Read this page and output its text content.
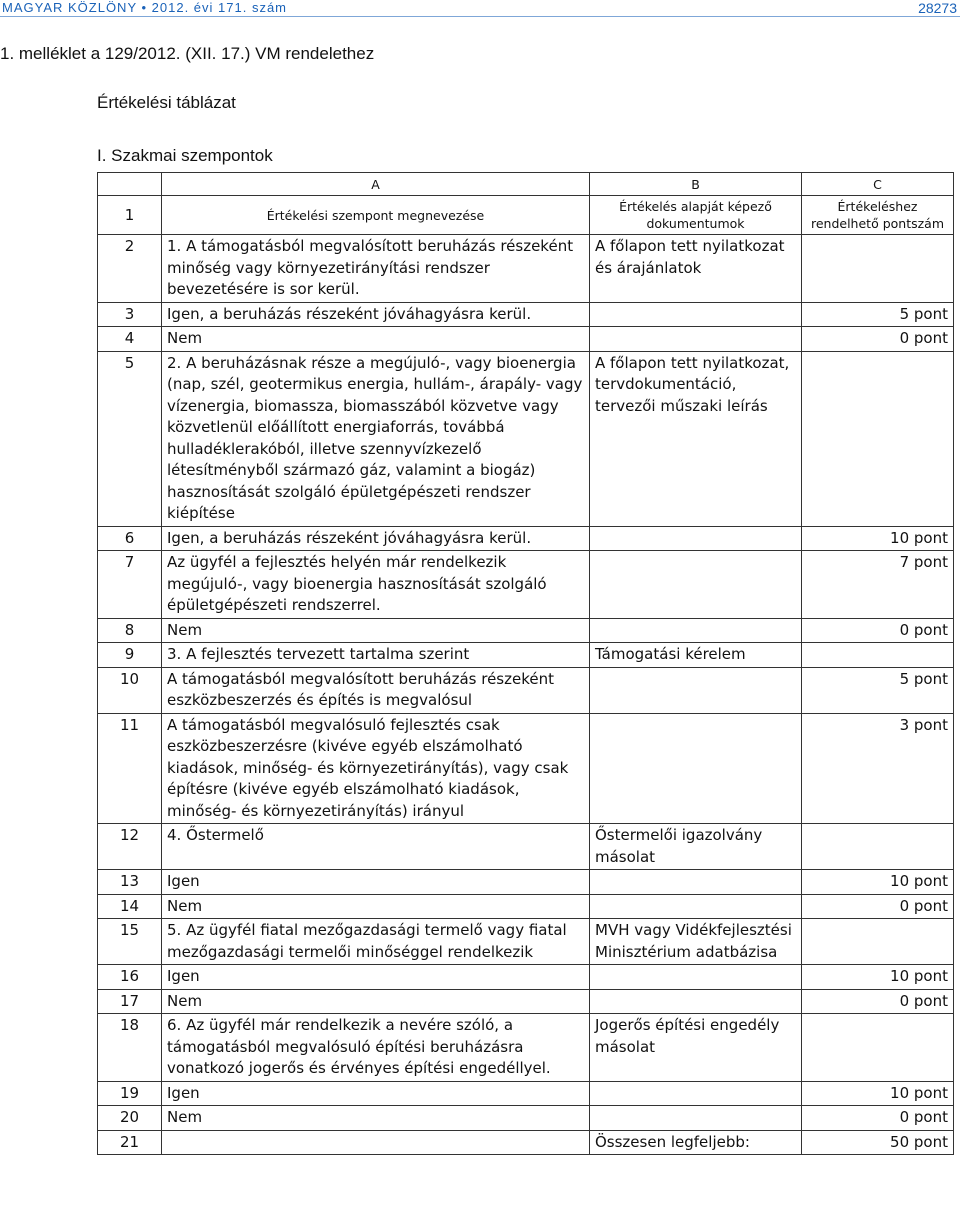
MAGYAR KÖZLÖNY • 2012. évi 171. szám	28273
1. melléklet a 129/2012. (XII. 17.) VM rendelethez
Értékelési táblázat
I. Szakmai szempontok
	A	B	C
1	Értékelési szempont megnevezése	Értékelés alapját képező dokumentumok	Értékeléshez rendelhető pontszám
2	1. A támogatásból megvalósított beruházás részeként minőség vagy környezetirányítási rendszer bevezetésére is sor kerül.	A főlapon tett nyilatkozat és árajánlatok	
3	Igen, a beruházás részeként jóváhagyásra kerül.		5 pont
4	Nem		0 pont
5	2. A beruházásnak része a megújuló-, vagy bioenergia (nap, szél, geotermikus energia, hullám-, árapály- vagy vízenergia, biomassza, biomasszából közvetve vagy közvetlenül előállított energiaforrás, továbbá hulladéklerakóból, illetve szennyvízkezelő létesítményből származó gáz, valamint a biogáz) hasznosítását szolgáló épületgépészeti rendszer kiépítése	A főlapon tett nyilatkozat, tervdokumentáció, tervezői műszaki leírás	
6	Igen, a beruházás részeként jóváhagyásra kerül.		10 pont
7	Az ügyfél a fejlesztés helyén már rendelkezik megújuló-, vagy bioenergia hasznosítását szolgáló épületgépészeti rendszerrel.		7 pont
8	Nem		0 pont
9	3. A fejlesztés tervezett tartalma szerint	Támogatási kérelem	
10	A támogatásból megvalósított beruházás részeként eszközbeszerzés és építés is megvalósul		5 pont
11	A támogatásból megvalósuló fejlesztés csak eszközbeszerzésre (kivéve egyéb elszámolható kiadások, minőség- és környezetirányítás), vagy csak építésre (kivéve egyéb elszámolható kiadások, minőség- és környezetirányítás) irányul		3 pont
12	4. Őstermelő	Őstermelői igazolvány másolat	
13	Igen		10 pont
14	Nem		0 pont
15	5. Az ügyfél fiatal mezőgazdasági termelő vagy fiatal mezőgazdasági termelői minőséggel rendelkezik	MVH vagy Vidékfejlesztési Minisztérium adatbázisa	
16	Igen		10 pont
17	Nem		0 pont
18	6. Az ügyfél már rendelkezik a nevére szóló, a támogatásból megvalósuló építési beruházásra vonatkozó jogerős és érvényes építési engedéllyel.	Jogerős építési engedély másolat	
19	Igen		10 pont
20	Nem		0 pont
21		Összesen legfeljebb:	50 pont
